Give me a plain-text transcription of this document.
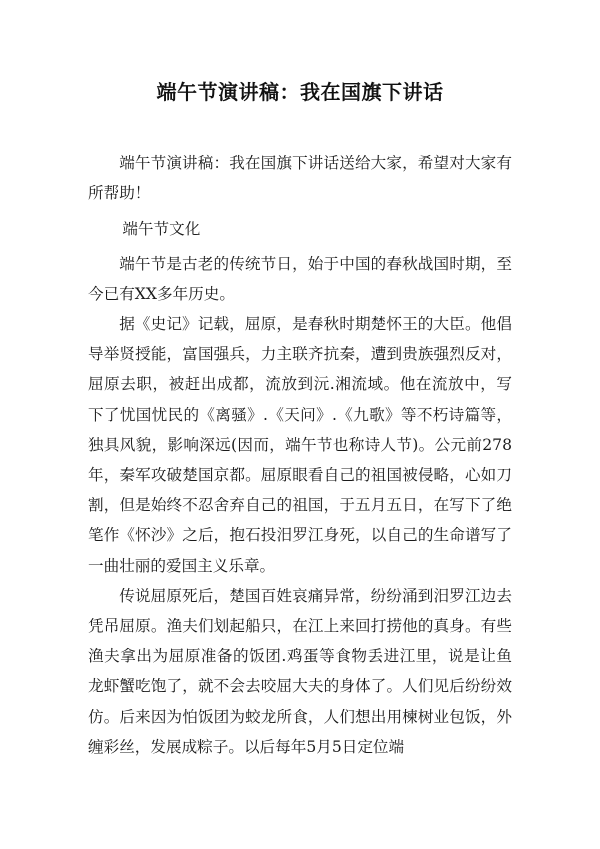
端午节演讲稿：我在国旗下讲话

端午节演讲稿：我在国旗下讲话送给大家，希望对大家有所帮助！

端午节文化

端午节是古老的传统节日，始于中国的春秋战国时期，至今已有XX多年历史。

据《史记》记载，屈原，是春秋时期楚怀王的大臣。他倡导举贤授能，富国强兵，力主联齐抗秦，遭到贵族强烈反对，屈原去职，被赶出成都，流放到沅.湘流域。他在流放中，写下了忧国忧民的《离骚》.《天问》.《九歌》等不朽诗篇等，独具风貌，影响深远(因而，端午节也称诗人节)。公元前278年，秦军攻破楚国京都。屈原眼看自己的祖国被侵略，心如刀割，但是始终不忍舍弃自己的祖国，于五月五日，在写下了绝笔作《怀沙》之后，抱石投汨罗江身死，以自己的生命谱写了一曲壮丽的爱国主义乐章。

传说屈原死后，楚国百姓哀痛异常，纷纷涌到汨罗江边去凭吊屈原。渔夫们划起船只，在江上来回打捞他的真身。有些渔夫拿出为屈原准备的饭团.鸡蛋等食物丢进江里，说是让鱼龙虾蟹吃饱了，就不会去咬屈大夫的身体了。人们见后纷纷效仿。后来因为怕饭团为蛟龙所食，人们想出用楝树业包饭，外缠彩丝，发展成粽子。以后每年5月5日定位端
